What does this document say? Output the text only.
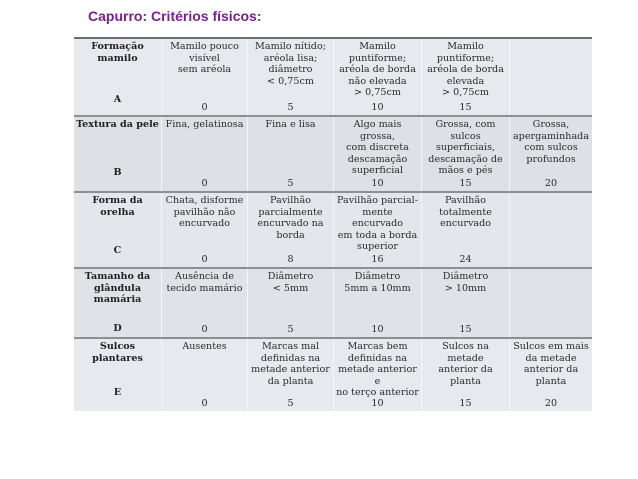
Capurro: Critérios físicos:
Formação
mamilo
A
Mamilo pouco
visível
sem aréola
0
Mamilo nítido;
aréola lisa;
diâmetro
< 0,75cm
5
Mamilo puntiforme;
aréola de borda
não elevada
> 0,75cm
10
Mamilo puntiforme;
aréola de borda
elevada
> 0,75cm
15
Textura da pele
B
Fina, gelatinosa
0
Fina e lisa
5
Algo mais grossa,
com discreta
descamação
superficial
10
Grossa, com sulcos
superficiais,
descamação de
mãos e pés
15
Grossa,
apergaminhada
com sulcos
profundos
20
Forma da orelha
C
Chata, disforme
pavilhão não
encurvado
0
Pavilhão
parcialmente
encurvado na
borda
8
Pavilhão parcial-
mente encurvado
em toda a borda
superior
16
Pavilhão totalmente
encurvado
24
Tamanho da
glândula
mamária
D
Ausência de
tecido mamário
0
Diâmetro
< 5mm
5
Diâmetro
5mm a 10mm
10
Diâmetro
> 10mm
15
Sulcos plantares
E
Ausentes
0
Marcas mal
definidas na
metade anterior
da planta
5
Marcas bem
definidas na
metade anterior e
no terço anterior
10
Sulcos na metade
anterior da planta
15
Sulcos em mais
da metade
anterior da
planta
20
